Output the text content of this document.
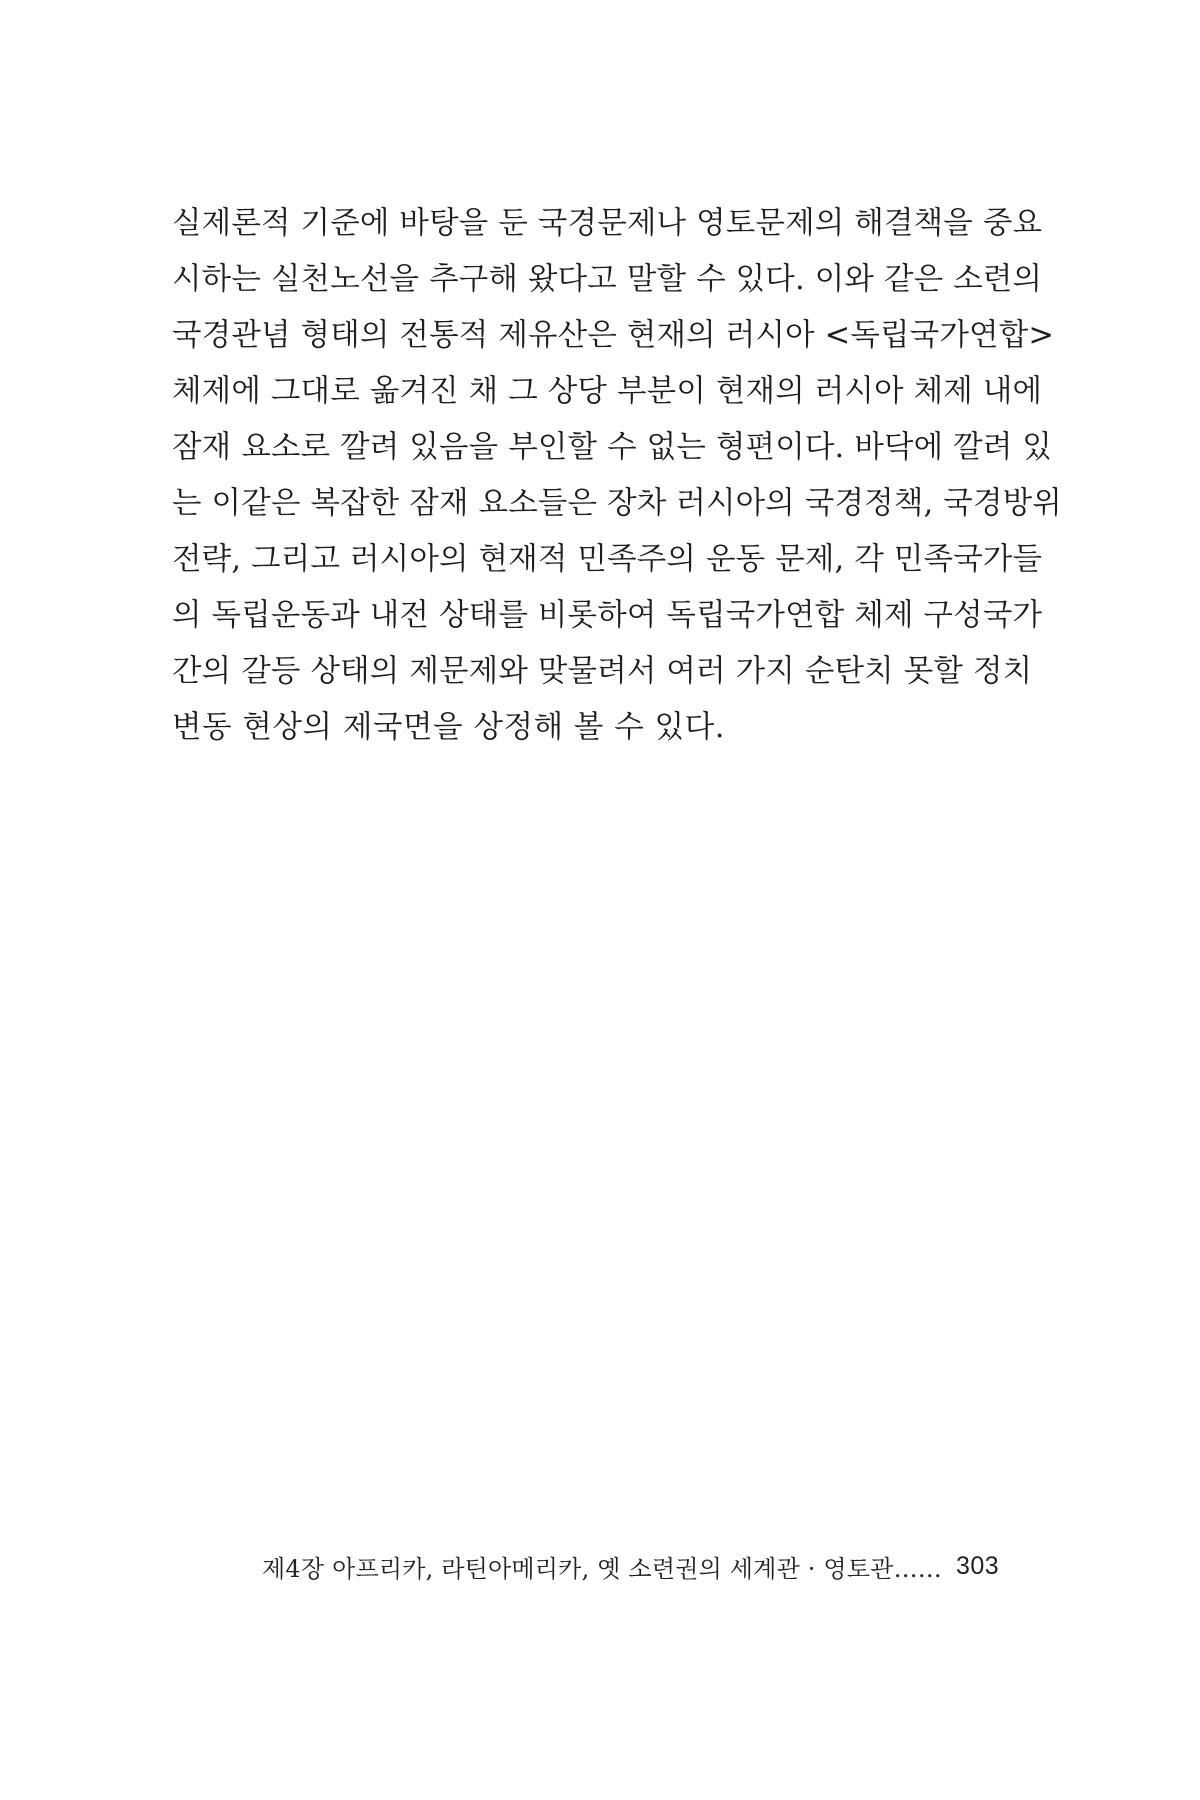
실제론적 기준에 바탕을 둔 국경문제나 영토문제의 해결책을 중요
시하는 실천노선을 추구해 왔다고 말할 수 있다. 이와 같은 소련의
국경관념 형태의 전통적 제유산은 현재의 러시아 <독립국가연합>
체제에 그대로 옮겨진 채 그 상당 부분이 현재의 러시아 체제 내에
잠재 요소로 깔려 있음을 부인할 수 없는 형편이다. 바닥에 깔려 있
는 이같은 복잡한 잠재 요소들은 장차 러시아의 국경정책, 국경방위
전략, 그리고 러시아의 현재적 민족주의 운동 문제, 각 민족국가들
의 독립운동과 내전 상태를 비롯하여 독립국가연합 체제 구성국가
간의 갈등 상태의 제문제와 맞물려서 여러 가지 순탄치 못할 정치
변동 현상의 제국면을 상정해 볼 수 있다.
제4장 아프리카, 라틴아메리카, 옛 소련권의 세계관 · 영토관…… 303
